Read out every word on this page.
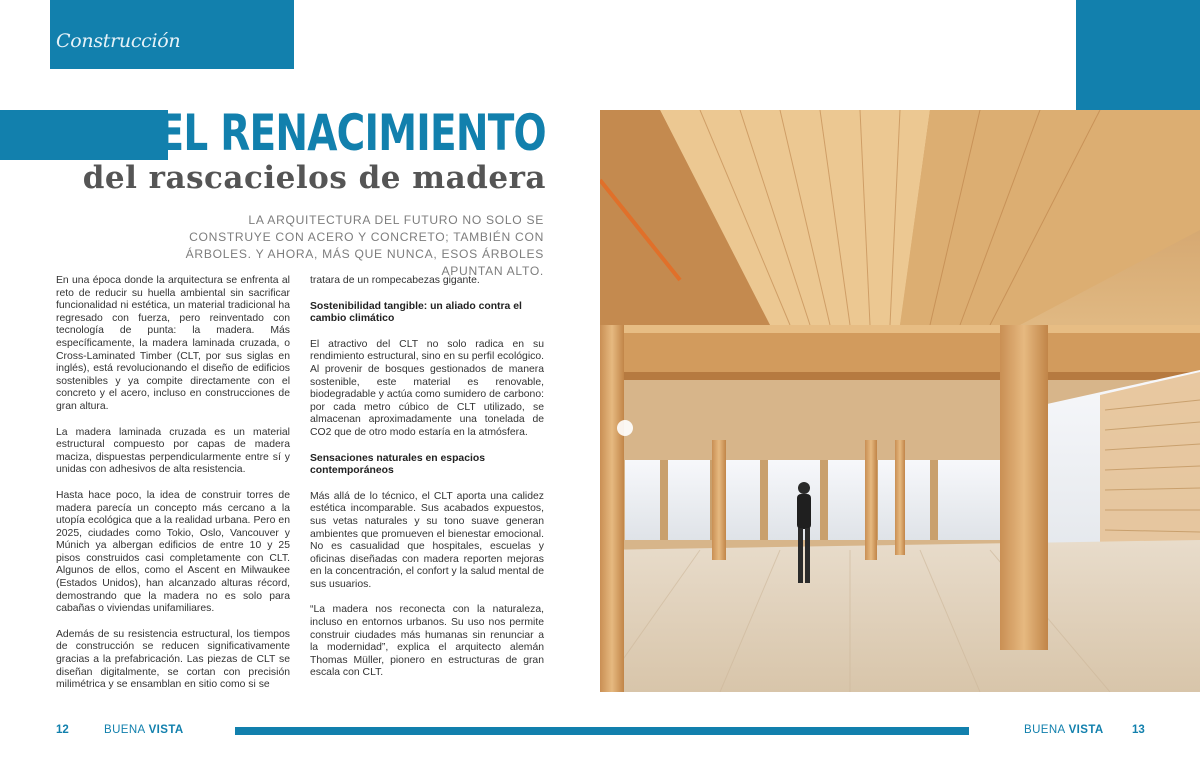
Construcción
EL RENACIMIENTO
del rascacielos de madera

LA ARQUITECTURA DEL FUTURO NO SOLO SE CONSTRUYE CON ACERO Y CONCRETO; TAMBIÉN CON ÁRBOLES. Y AHORA, MÁS QUE NUNCA, ESOS ÁRBOLES APUNTAN ALTO.

En una época donde la arquitectura se enfrenta al reto de reducir su huella ambiental sin sacrificar funcionalidad ni estética, un material tradicional ha regresado con fuerza, pero reinventado con tecnología de punta: la madera. Más específicamente, la madera laminada cruzada, o Cross-Laminated Timber (CLT, por sus siglas en inglés), está revolucionando el diseño de edificios sostenibles y ya compite directamente con el concreto y el acero, incluso en construcciones de gran altura.

La madera laminada cruzada es un material estructural compuesto por capas de madera maciza, dispuestas perpendicularmente entre sí y unidas con adhesivos de alta resistencia.

Hasta hace poco, la idea de construir torres de madera parecía un concepto más cercano a la utopía ecológica que a la realidad urbana. Pero en 2025, ciudades como Tokio, Oslo, Vancouver y Múnich ya albergan edificios de entre 10 y 25 pisos construidos casi completamente con CLT. Algunos de ellos, como el Ascent en Milwaukee (Estados Unidos), han alcanzado alturas récord, demostrando que la madera no es solo para cabañas o viviendas unifamiliares.

Además de su resistencia estructural, los tiempos de construcción se reducen significativamente gracias a la prefabricación. Las piezas de CLT se diseñan digitalmente, se cortan con precisión milimétrica y se ensamblan en sitio como si se

tratara de un rompecabezas gigante.

Sostenibilidad tangible: un aliado contra el cambio climático

El atractivo del CLT no solo radica en su rendimiento estructural, sino en su perfil ecológico. Al provenir de bosques gestionados de manera sostenible, este material es renovable, biodegradable y actúa como sumidero de carbono: por cada metro cúbico de CLT utilizado, se almacenan aproximadamente una tonelada de CO2 que de otro modo estaría en la atmósfera.

Sensaciones naturales en espacios contemporáneos

Más allá de lo técnico, el CLT aporta una calidez estética incomparable. Sus acabados expuestos, sus vetas naturales y su tono suave generan ambientes que promueven el bienestar emocional. No es casualidad que hospitales, escuelas y oficinas diseñadas con madera reporten mejoras en la concentración, el confort y la salud mental de sus usuarios.

“La madera nos reconecta con la naturaleza, incluso en entornos urbanos. Su uso nos permite construir ciudades más humanas sin renunciar a la modernidad”, explica el arquitecto alemán Thomas Müller, pionero en estructuras de gran escala con CLT.

12	BUENA VISTA	BUENA VISTA 13
